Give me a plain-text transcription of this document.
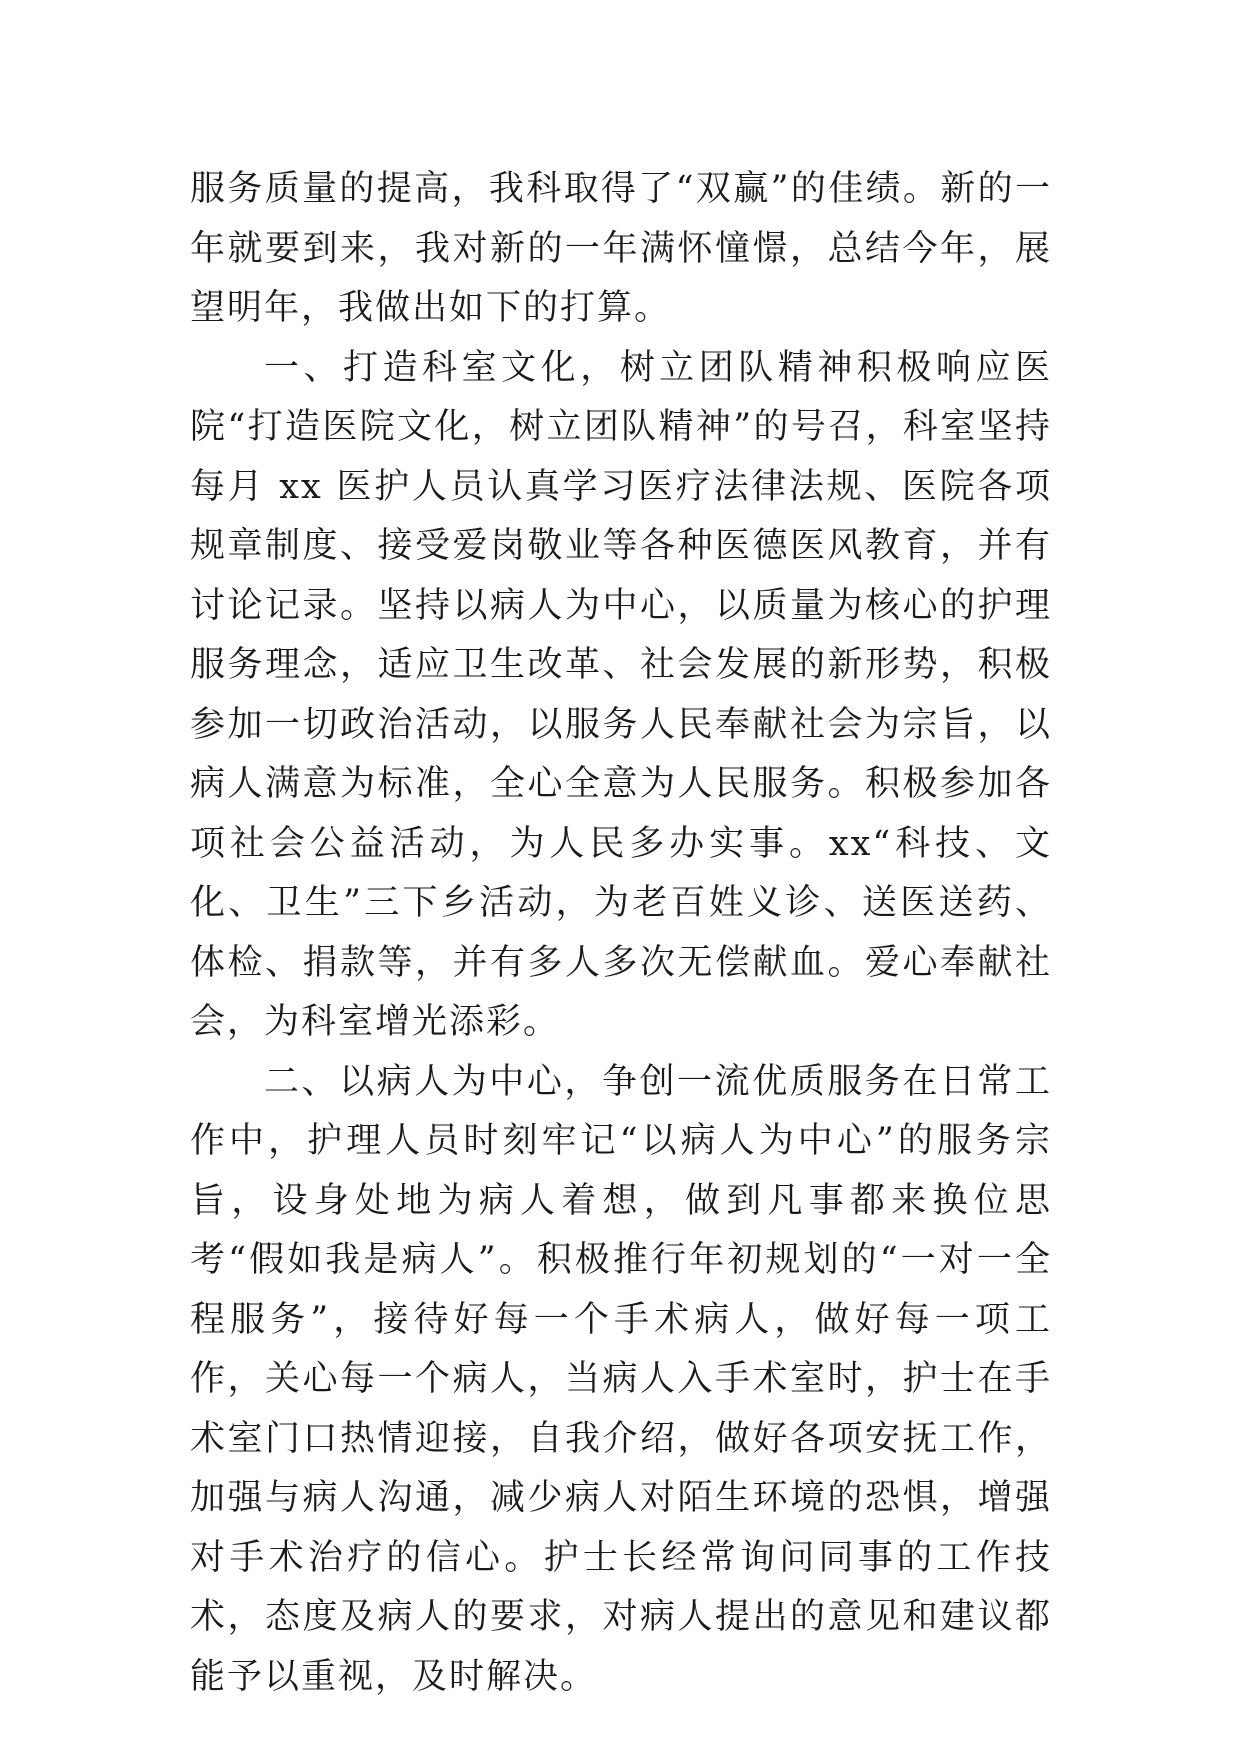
服务质量的提高，我科取得了“双赢”的佳绩。新的一年就要到来，我对新的一年满怀憧憬，总结今年，展望明年，我做出如下的打算。

一、打造科室文化，树立团队精神积极响应医院“打造医院文化，树立团队精神”的号召，科室坚持每月 xx 医护人员认真学习医疗法律法规、医院各项规章制度、接受爱岗敬业等各种医德医风教育，并有讨论记录。坚持以病人为中心，以质量为核心的护理服务理念，适应卫生改革、社会发展的新形势，积极参加一切政治活动，以服务人民奉献社会为宗旨，以病人满意为标准，全心全意为人民服务。积极参加各项社会公益活动，为人民多办实事。xx“科技、文化、卫生”三下乡活动，为老百姓义诊、送医送药、体检、捐款等，并有多人多次无偿献血。爱心奉献社会，为科室增光添彩。

二、以病人为中心，争创一流优质服务在日常工作中，护理人员时刻牢记“以病人为中心”的服务宗旨，设身处地为病人着想，做到凡事都来换位思考“假如我是病人”。积极推行年初规划的“一对一全程服务”，接待好每一个手术病人，做好每一项工作，关心每一个病人，当病人入手术室时，护士在手术室门口热情迎接，自我介绍，做好各项安抚工作，加强与病人沟通，减少病人对陌生环境的恐惧，增强对手术治疗的信心。护士长经常询问同事的工作技术，态度及病人的要求，对病人提出的意见和建议都能予以重视，及时解决。
